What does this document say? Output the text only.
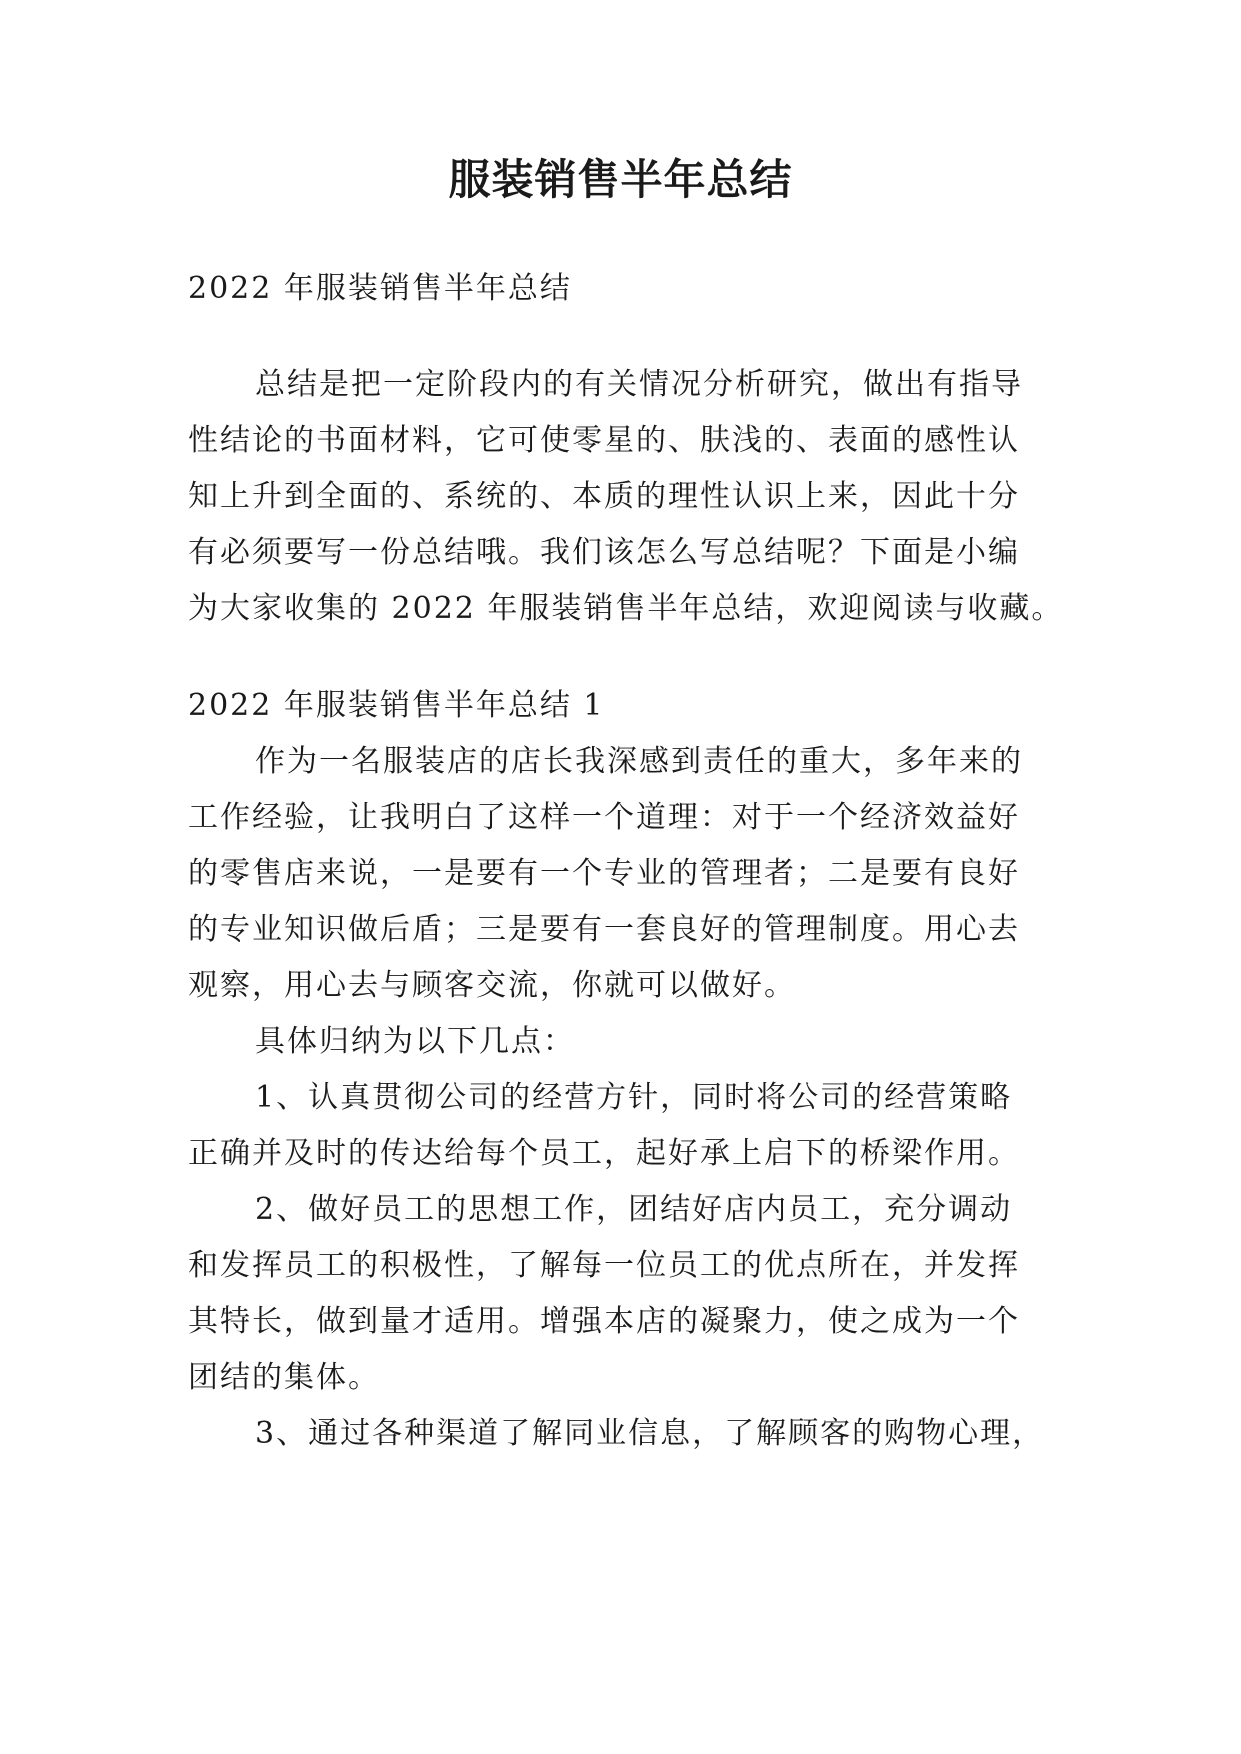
服装销售半年总结
2022 年服装销售半年总结
总结是把一定阶段内的有关情况分析研究，做出有指导
性结论的书面材料，它可使零星的、肤浅的、表面的感性认
知上升到全面的、系统的、本质的理性认识上来，因此十分
有必须要写一份总结哦。我们该怎么写总结呢？下面是小编
为大家收集的 2022 年服装销售半年总结，欢迎阅读与收藏。
2022 年服装销售半年总结 1
作为一名服装店的店长我深感到责任的重大，多年来的
工作经验，让我明白了这样一个道理：对于一个经济效益好
的零售店来说，一是要有一个专业的管理者；二是要有良好
的专业知识做后盾；三是要有一套良好的管理制度。用心去
观察，用心去与顾客交流，你就可以做好。
具体归纳为以下几点：
1、认真贯彻公司的经营方针，同时将公司的经营策略
正确并及时的传达给每个员工，起好承上启下的桥梁作用。
2、做好员工的思想工作，团结好店内员工，充分调动
和发挥员工的积极性，了解每一位员工的优点所在，并发挥
其特长，做到量才适用。增强本店的凝聚力，使之成为一个
团结的集体。
3、通过各种渠道了解同业信息，了解顾客的购物心理，
